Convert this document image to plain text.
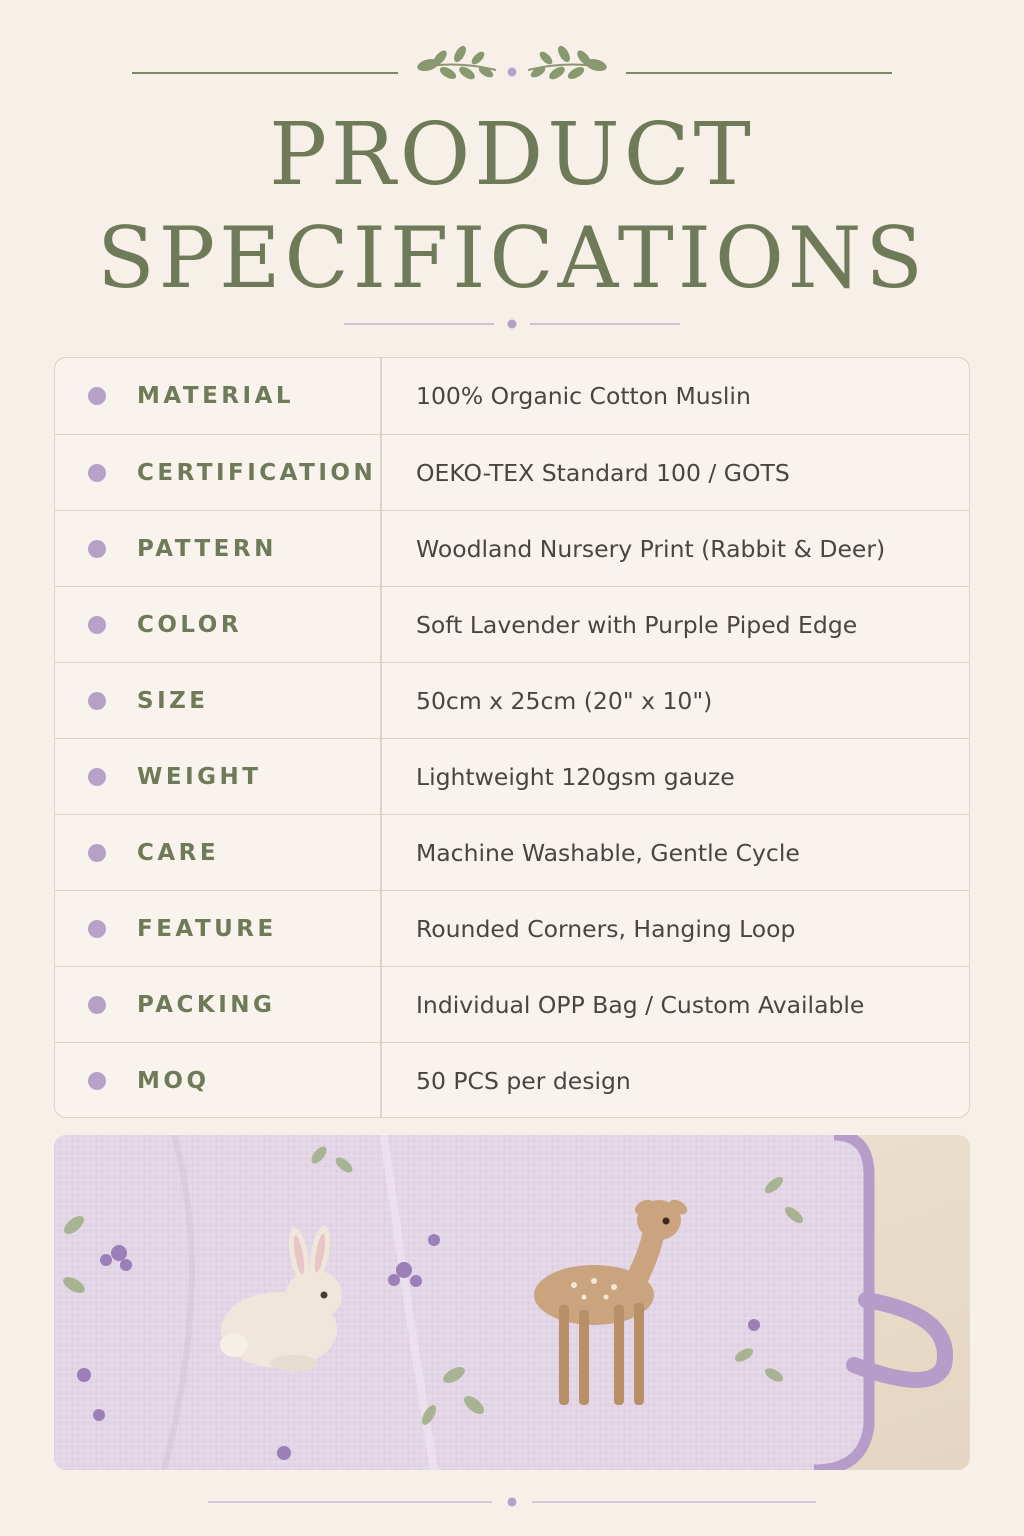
PRODUCT
SPECIFICATIONS
MATERIAL	100% Organic Cotton Muslin
CERTIFICATION OEKO-TEX Standard 100 / GOTS
PATTERN	Woodland Nursery Print (Rabbit & Deer)
COLOR	Soft Lavender with Purple Piped Edge
SIZE	50cm x 25cm (20" x 10")
WEIGHT	Lightweight 120gsm gauze
CARE	Machine Washable, Gentle Cycle
FEATURE	Rounded Corners, Hanging Loop
PACKING	Individual OPP Bag / Custom Available
MOQ	50 PCS per design
